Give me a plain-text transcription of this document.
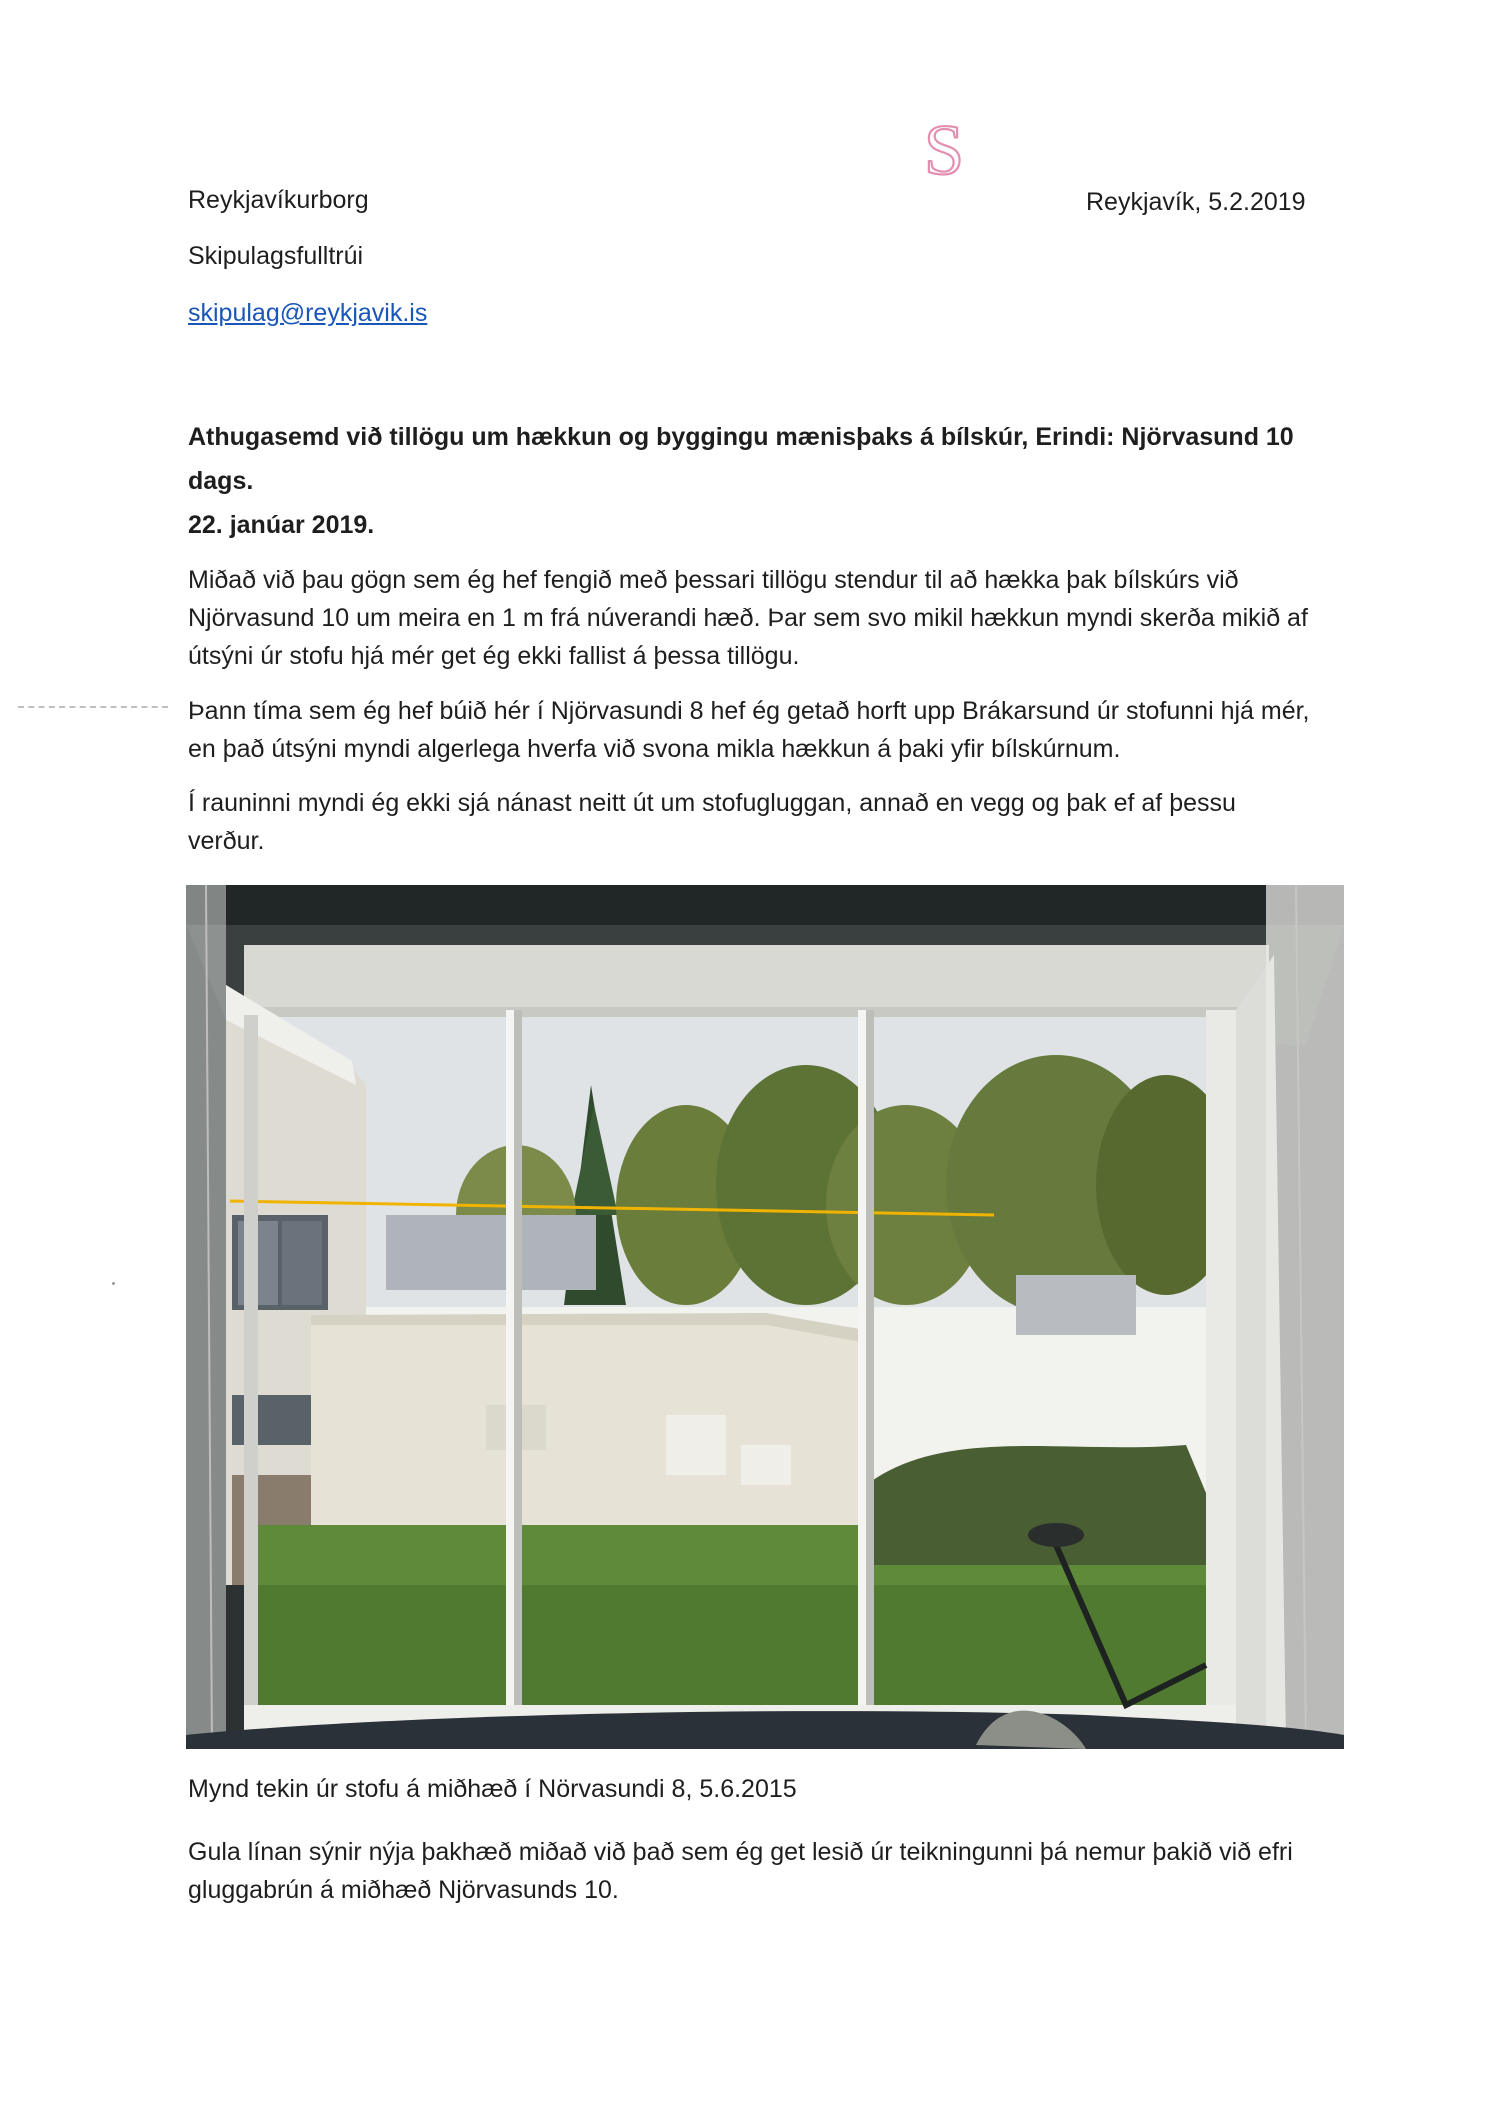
S
Reykjavíkurborg
Skipulagsfulltrúi
skipulag@reykjavik.is
Reykjavík, 5.2.2019
Athugasemd við tillögu um hækkun og byggingu mænisþaks á bílskúr, Erindi: Njörvasund 10 dags.
22. janúar 2019.
Miðað við þau gögn sem ég hef fengið með þessari tillögu stendur til að hækka þak bílskúrs við
Njörvasund 10 um meira en 1 m frá núverandi hæð. Þar sem svo mikil hækkun myndi skerða mikið af
útsýni úr stofu hjá mér get ég ekki fallist á þessa tillögu.
Þann tíma sem ég hef búið hér í Njörvasundi 8 hef ég getað horft upp Brákarsund úr stofunni hjá mér,
en það útsýni myndi algerlega hverfa við svona mikla hækkun á þaki yfir bílskúrnum.
Í rauninni myndi ég ekki sjá nánast neitt út um stofugluggan, annað en vegg og þak ef af þessu
verður.
Mynd tekin úr stofu á miðhæð í Nörvasundi 8, 5.6.2015
Gula línan sýnir nýja þakhæð miðað við það sem ég get lesið úr teikningunni þá nemur þakið við efri
gluggabrún á miðhæð Njörvasunds 10.
